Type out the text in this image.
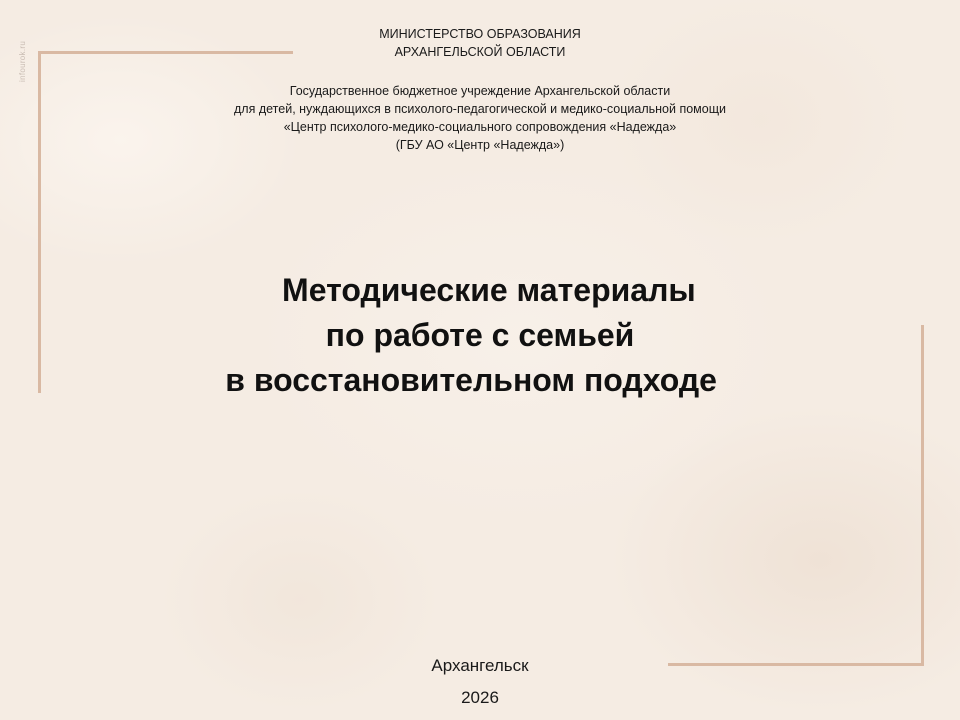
infourok.ru
МИНИСТЕРСТВО ОБРАЗОВАНИЯ
АРХАНГЕЛЬСКОЙ ОБЛАСТИ
Государственное бюджетное учреждение Архангельской области
для детей, нуждающихся в психолого-педагогической и медико-социальной помощи
«Центр психолого-медико-социального сопровождения «Надежда»
(ГБУ АО «Центр «Надежда»)
Методические материалы
по работе с семьей
в восстановительном подходе
Архангельск
2026
